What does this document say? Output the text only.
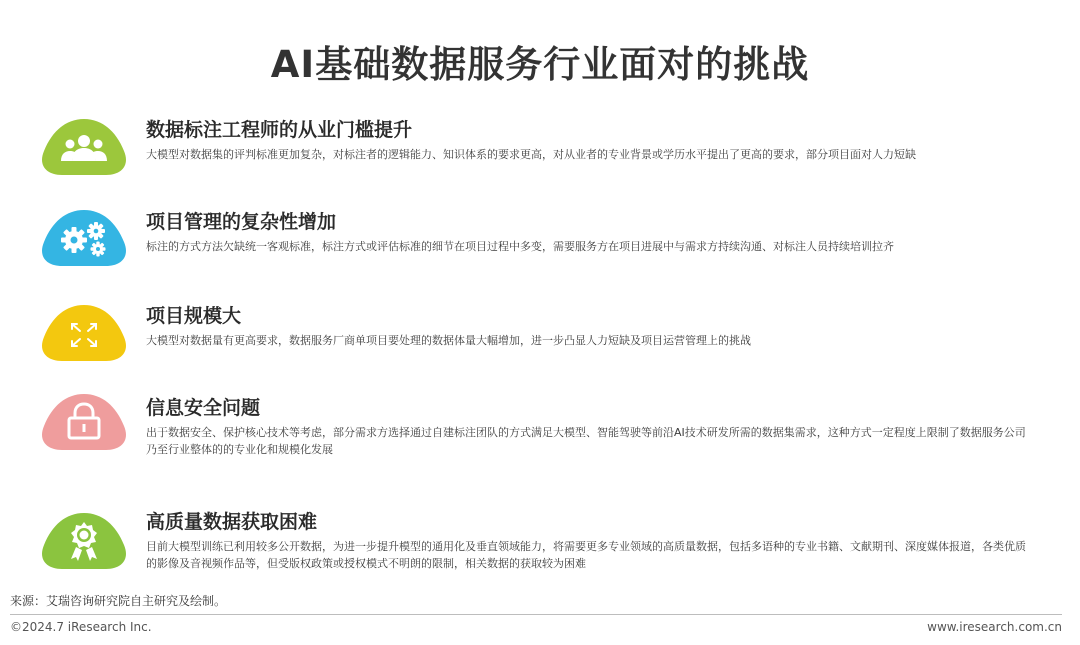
AI基础数据服务行业面对的挑战
数据标注工程师的从业门槛提升
大模型对数据集的评判标准更加复杂，对标注者的逻辑能力、知识体系的要求更高，对从业者的专业背景或学历水平提出了更高的要求，部分项目面对人力短缺
项目管理的复杂性增加
标注的方式方法欠缺统一客观标准，标注方式或评估标准的细节在项目过程中多变，需要服务方在项目进展中与需求方持续沟通、对标注人员持续培训拉齐
项目规模大
大模型对数据量有更高要求，数据服务厂商单项目要处理的数据体量大幅增加，进一步凸显人力短缺及项目运营管理上的挑战
信息安全问题
出于数据安全、保护核心技术等考虑，部分需求方选择通过自建标注团队的方式满足大模型、智能驾驶等前沿AI技术研发所需的数据集需求，这种方式一定程度上限制了数据服务公司乃至行业整体的的专业化和规模化发展
高质量数据获取困难
目前大模型训练已利用较多公开数据，为进一步提升模型的通用化及垂直领域能力，将需要更多专业领域的高质量数据，包括多语种的专业书籍、文献期刊、深度媒体报道，各类优质的影像及音视频作品等，但受版权政策或授权模式不明朗的限制，相关数据的获取较为困难
来源：艾瑞咨询研究院自主研究及绘制。
©2024.7 iResearch Inc.	www.iresearch.com.cn
